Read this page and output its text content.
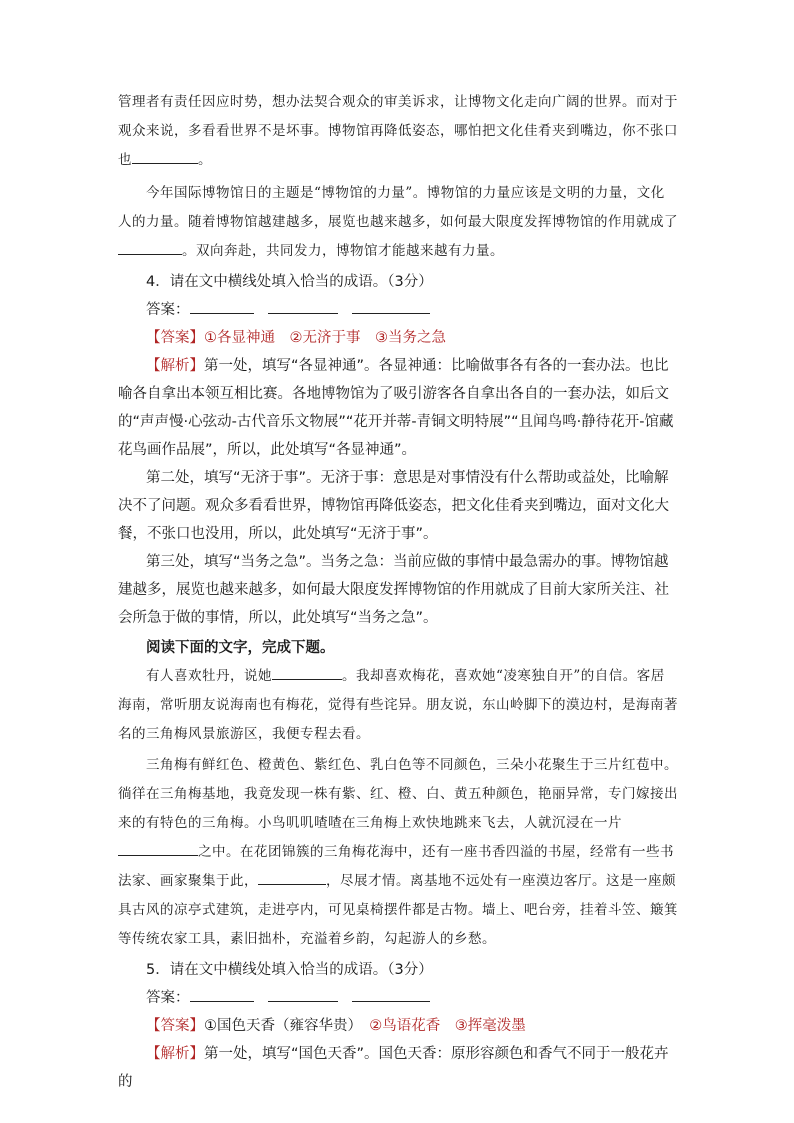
管理者有责任因应时势，想办法契合观众的审美诉求，让博物文化走向广阔的世界。而对于观众来说，多看看世界不是坏事。博物馆再降低姿态，哪怕把文化佳肴夹到嘴边，你不张口也	。

今年国际博物馆日的主题是“博物馆的力量”。博物馆的力量应该是文明的力量，文化人的力量。随着博物馆越建越多，展览也越来越多，如何最大限度发挥博物馆的作用就成了。双向奔赴，共同发力，博物馆才能越来越有力量。

4．请在文中横线处填入恰当的成语。（3分）

答案：

【答案】①各显神通　②无济于事　③当务之急

【解析】第一处，填写“各显神通”。各显神通：比喻做事各有各的一套办法。也比喻各自拿出本领互相比赛。各地博物馆为了吸引游客各自拿出各自的一套办法，如后文的“声声慢·心弦动-古代音乐文物展”“花开并蒂-青铜文明特展”“且闻鸟鸣·静待花开-馆藏花鸟画作品展”，所以，此处填写“各显神通”。

第二处，填写“无济于事”。无济于事：意思是对事情没有什么帮助或益处，比喻解决不了问题。观众多看看世界，博物馆再降低姿态，把文化佳肴夹到嘴边，面对文化大餐，不张口也没用，所以，此处填写“无济于事”。

第三处，填写“当务之急”。当务之急：当前应做的事情中最急需办的事。博物馆越建越多，展览也越来越多，如何最大限度发挥博物馆的作用就成了目前大家所关注、社会所急于做的事情，所以，此处填写“当务之急”。

阅读下面的文字，完成下题。

有人喜欢牡丹，说她	。我却喜欢梅花，喜欢她“凌寒独自开”的自信。客居海南，常听朋友说海南也有梅花，觉得有些诧异。朋友说，东山岭脚下的漠边村，是海南著名的三角梅风景旅游区，我便专程去看。

三角梅有鲜红色、橙黄色、紫红色、乳白色等不同颜色，三朵小花聚生于三片红苞中。徜徉在三角梅基地，我竟发现一株有紫、红、橙、白、黄五种颜色，艳丽异常，专门嫁接出来的有特色的三角梅。小鸟叽叽喳喳在三角梅上欢快地跳来飞去，人就沉浸在一片之中。在花团锦簇的三角梅花海中，还有一座书香四溢的书屋，经常有一些书法家、画家聚集于此，	，尽展才情。离基地不远处有一座漠边客厅。这是一座颇具古风的凉亭式建筑，走进亭内，可见桌椅摆件都是古物。墙上、吧台旁，挂着斗笠、簸箕等传统农家工具，素旧拙朴，充溢着乡韵，勾起游人的乡愁。

5．请在文中横线处填入恰当的成语。（3分）

答案：

【答案】①国色天香（雍容华贵）　②鸟语花香　③挥毫泼墨

【解析】第一处，填写“国色天香”。国色天香：原形容颜色和香气不同于一般花卉的
